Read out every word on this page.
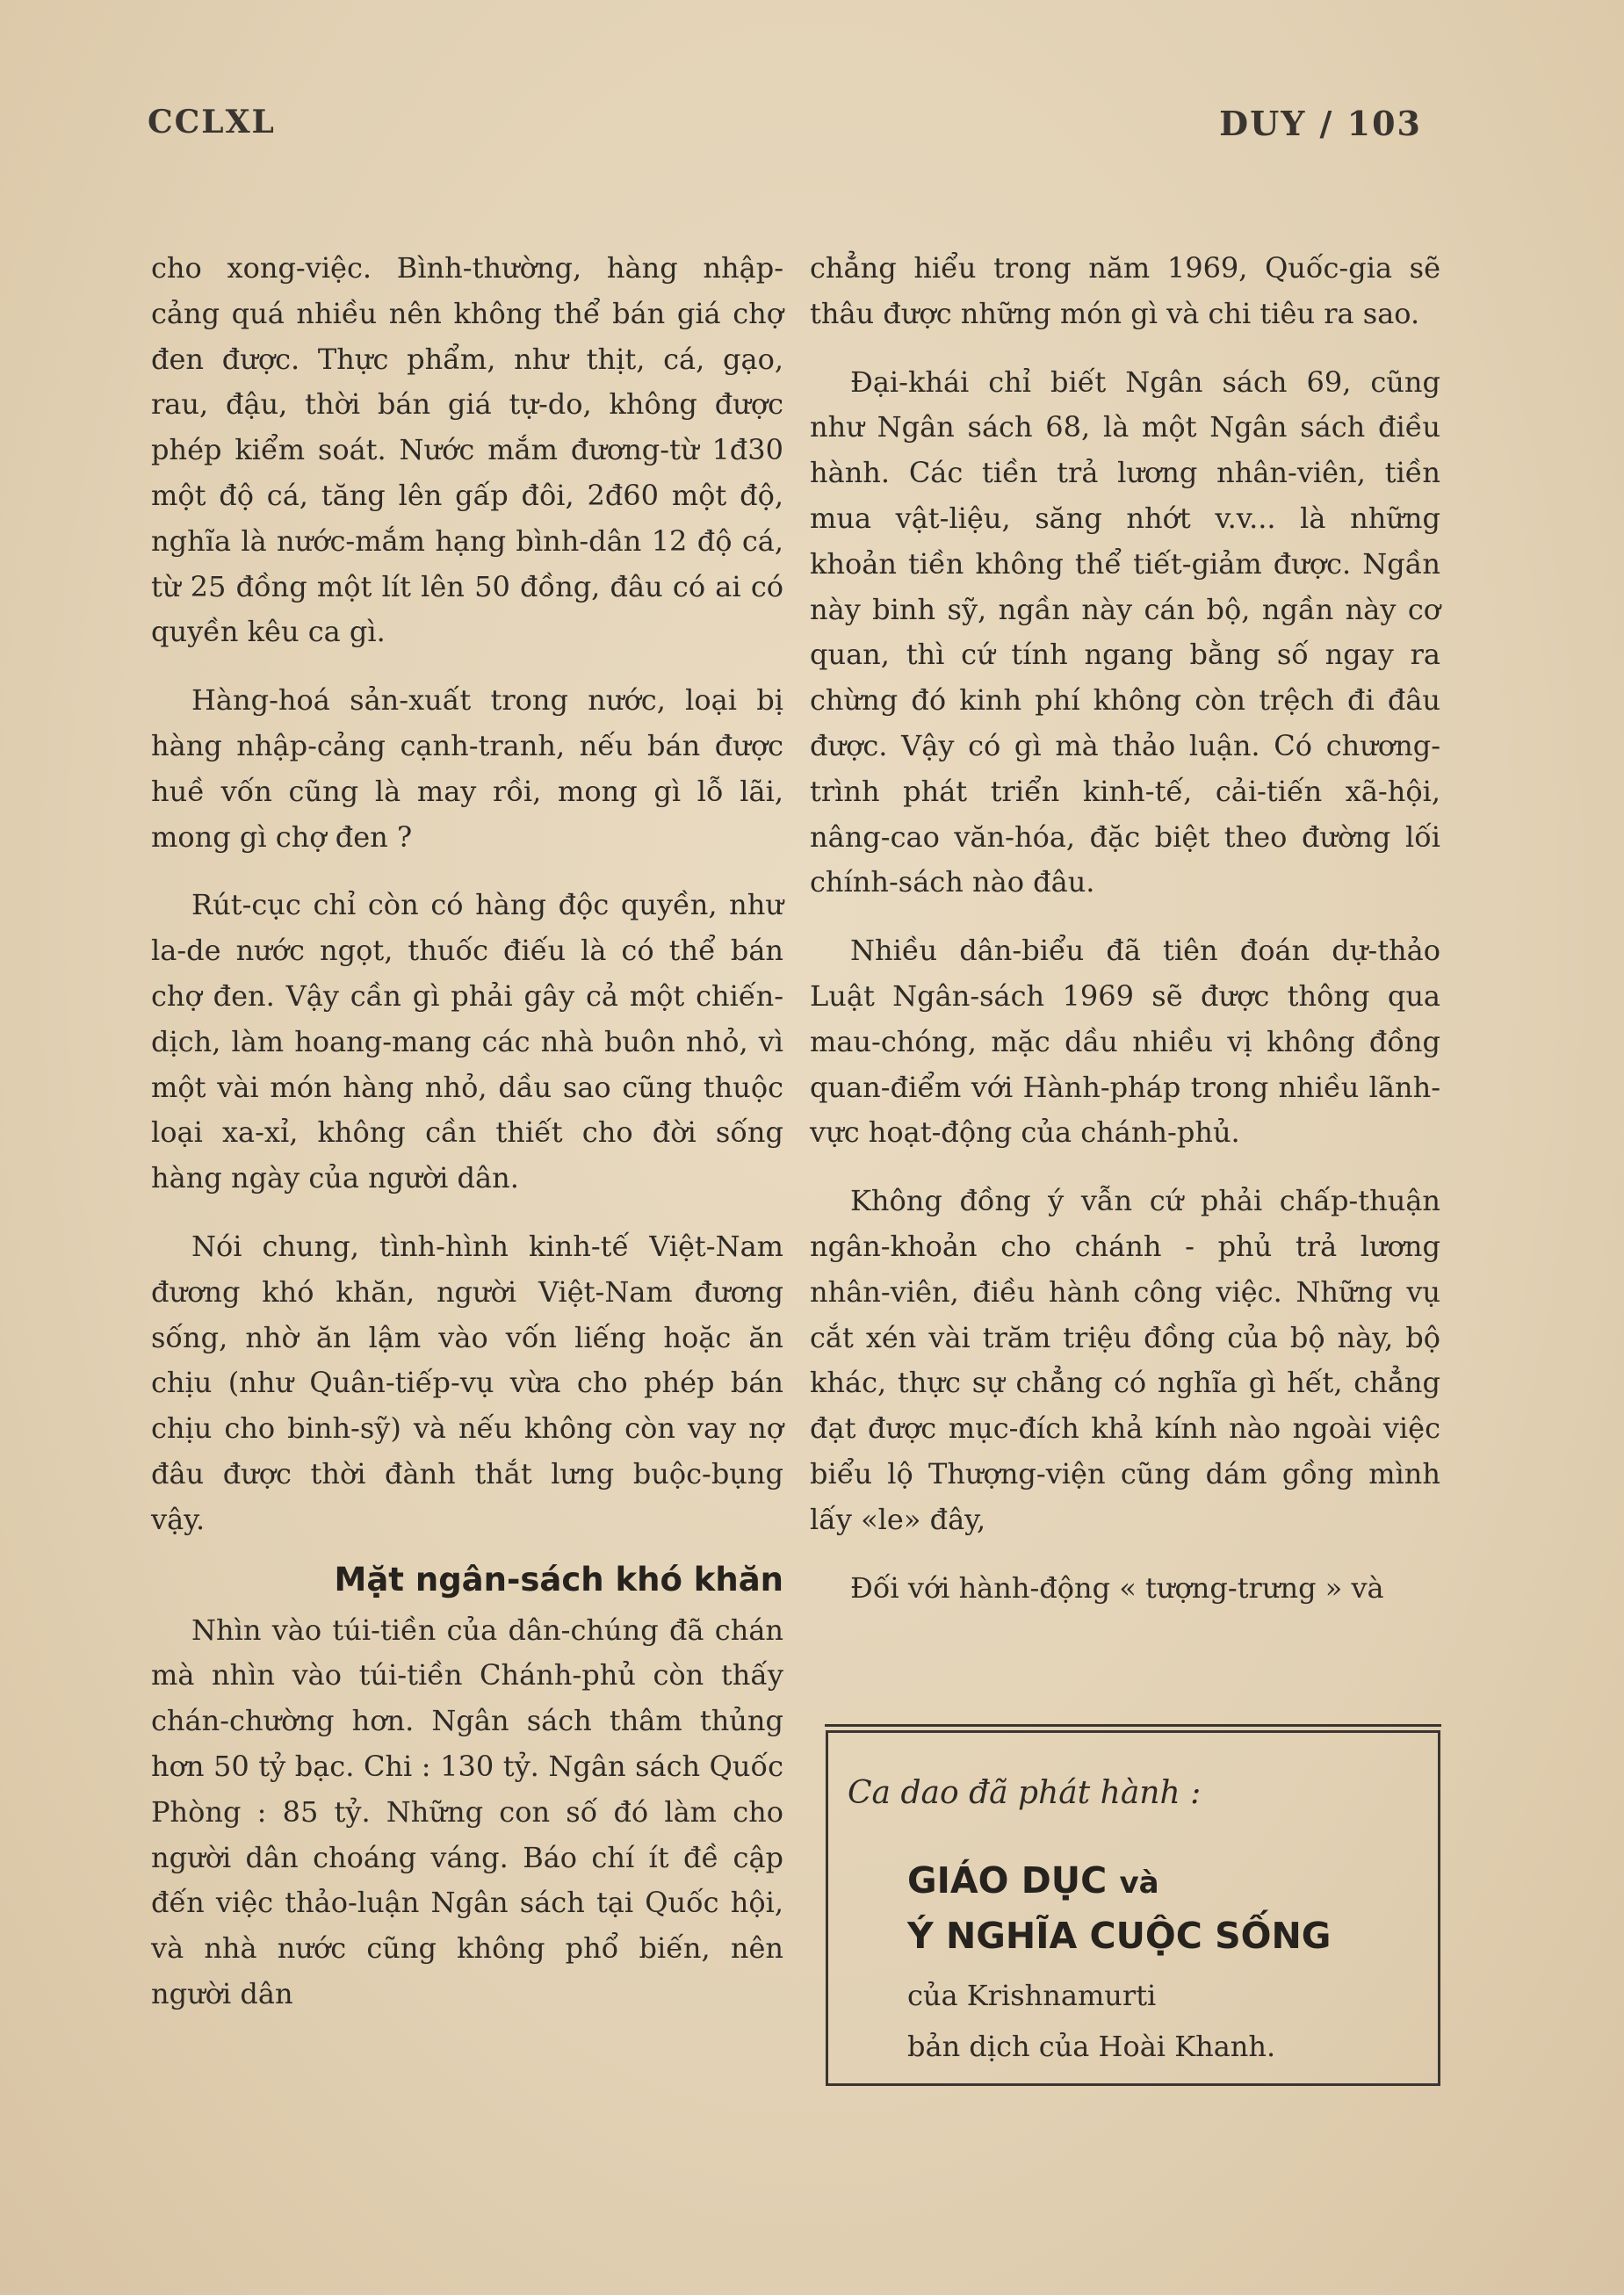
CCLXL	DUY / 103

cho xong-việc. Bình-thường, hàng nhập-cảng quá nhiều nên không thể bán giá chợ đen được. Thực phẩm, như thịt, cá, gạo, rau, đậu, thời bán giá tự-do, không được phép kiểm soát. Nước mắm đương-từ 1đ30 một độ cá, tăng lên gấp đôi, 2đ60 một độ, nghĩa là nước-mắm hạng bình-dân 12 độ cá, từ 25 đồng một lít lên 50 đồng, đâu có ai có quyền kêu ca gì.

Hàng-hoá sản-xuất trong nước, loại bị hàng nhập-cảng cạnh-tranh, nếu bán được huề vốn cũng là may rồi, mong gì lỗ lãi, mong gì chợ đen ?

Rút-cục chỉ còn có hàng độc quyền, như la-de nước ngọt, thuốc điếu là có thể bán chợ đen. Vậy cần gì phải gây cả một chiến-dịch, làm hoang-mang các nhà buôn nhỏ, vì một vài món hàng nhỏ, dầu sao cũng thuộc loại xa-xỉ, không cần thiết cho đời sống hàng ngày của người dân.

Nói chung, tình-hình kinh-tế Việt-Nam đương khó khăn, người Việt-Nam đương sống, nhờ ăn lậm vào vốn liếng hoặc ăn chịu (như Quân-tiếp-vụ vừa cho phép bán chịu cho binh-sỹ) và nếu không còn vay nợ đâu được thời đành thắt lưng buộc-bụng vậy.

Mặt ngân-sách khó khăn

Nhìn vào túi-tiền của dân-chúng đã chán mà nhìn vào túi-tiền Chánh-phủ còn thấy chán-chường hơn. Ngân sách thâm thủng hơn 50 tỷ bạc. Chi : 130 tỷ. Ngân sách Quốc Phòng : 85 tỷ. Những con số đó làm cho người dân choáng váng. Báo chí ít đề cập đến việc thảo-luận Ngân sách tại Quốc hội, và nhà nước cũng không phổ biến, nên người dân

chẳng hiểu trong năm 1969, Quốc-gia sẽ thâu được những món gì và chi tiêu ra sao.

Đại-khái chỉ biết Ngân sách 69, cũng như Ngân sách 68, là một Ngân sách điều hành. Các tiền trả lương nhân-viên, tiền mua vật-liệu, săng nhớt v.v... là những khoản tiền không thể tiết-giảm được. Ngần này binh sỹ, ngần này cán bộ, ngần này cơ quan, thì cứ tính ngang bằng số ngay ra chừng đó kinh phí không còn trệch đi đâu được. Vậy có gì mà thảo luận. Có chương-trình phát triển kinh-tế, cải-tiến xã-hội, nâng-cao văn-hóa, đặc biệt theo đường lối chính-sách nào đâu.

Nhiều dân-biểu đã tiên đoán dự-thảo Luật Ngân-sách 1969 sẽ được thông qua mau-chóng, mặc dầu nhiều vị không đồng quan-điểm với Hành-pháp trong nhiều lãnh-vực hoạt-động của chánh-phủ.

Không đồng ý vẫn cứ phải chấp-thuận ngân-khoản cho chánh - phủ trả lương nhân-viên, điều hành công việc. Những vụ cắt xén vài trăm triệu đồng của bộ này, bộ khác, thực sự chẳng có nghĩa gì hết, chẳng đạt được mục-đích khả kính nào ngoài việc biểu lộ Thượng-viện cũng dám gồng mình lấy «le» đây,

Đối với hành-động « tượng-trưng » và

Ca dao đã phát hành :
GIÁO DỤC và
Ý NGHĨA CUỘC SỐNG
của Krishnamurti
bản dịch của Hoài Khanh.
